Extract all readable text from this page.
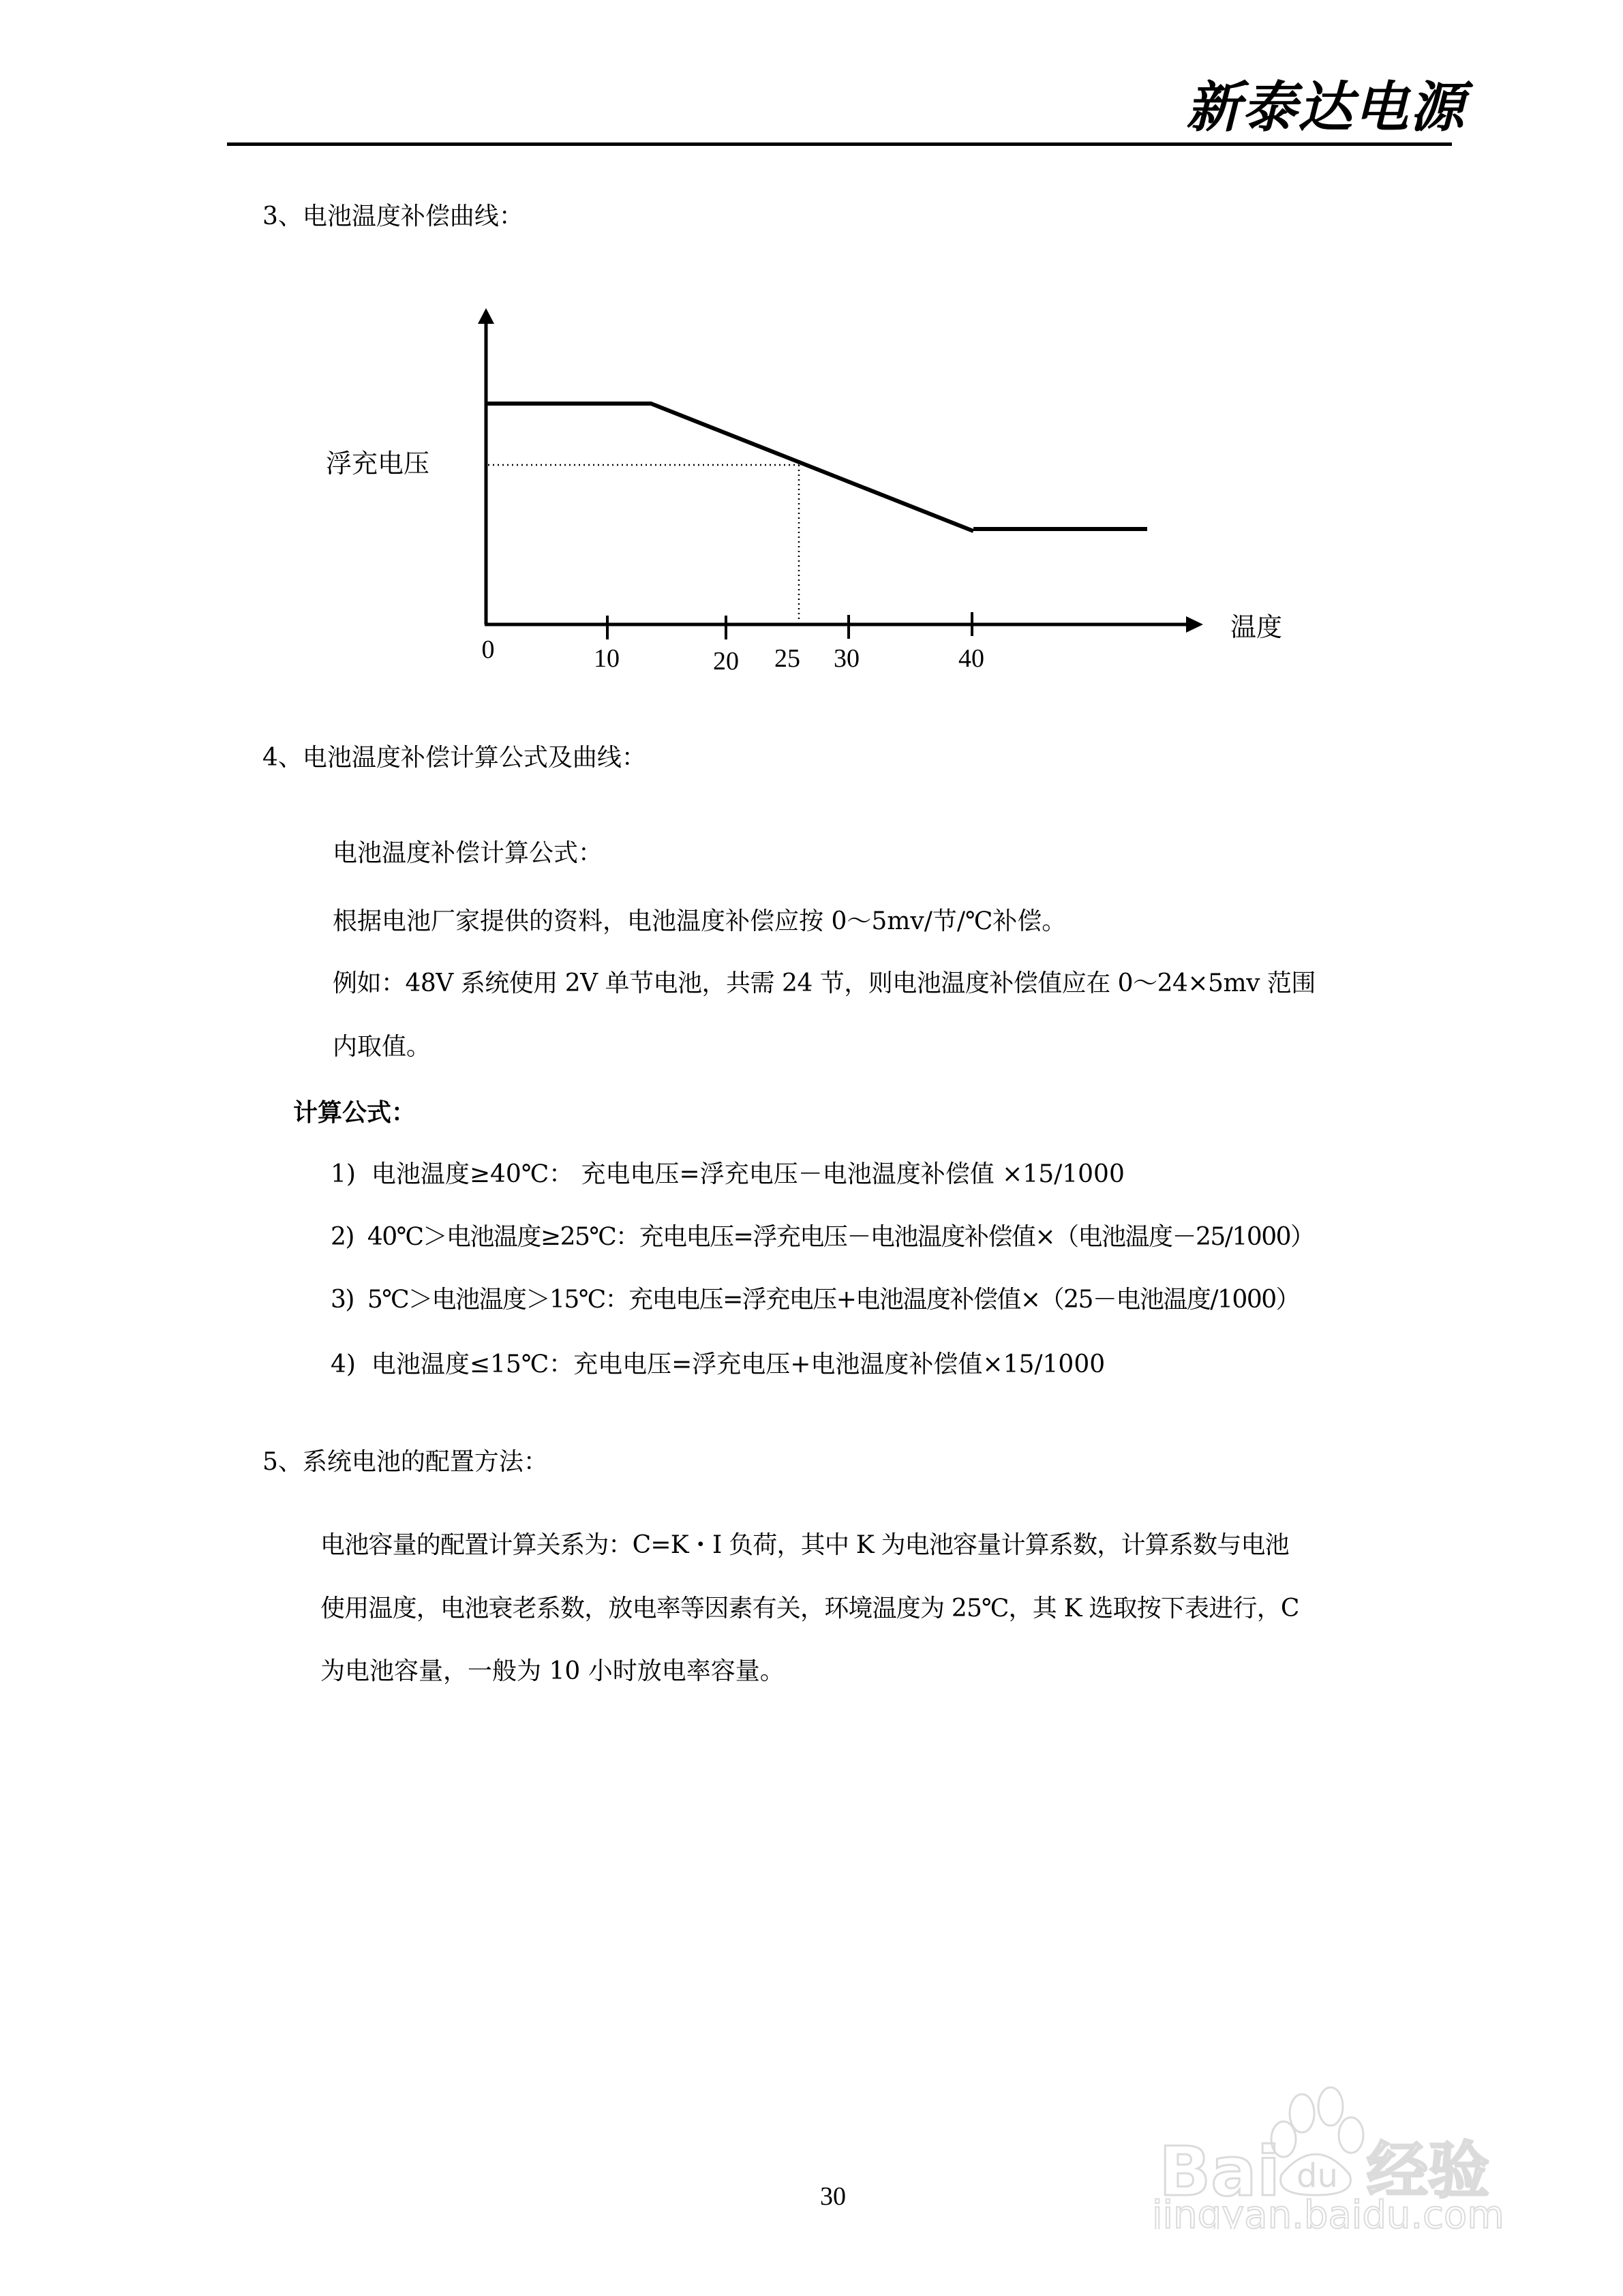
新泰达电源
3、电池温度补偿曲线：
浮充电压
温度
0	10	20 25 30	40
4、电池温度补偿计算公式及曲线：
电池温度补偿计算公式：
根据电池厂家提供的资料，电池温度补偿应按 0～5mv/节/℃补偿。
例如：48V 系统使用 2V 单节电池，共需 24 节，则电池温度补偿值应在 0～24×5mv 范围
内取值。
计算公式：
1) 电池温度≥40℃： 充电电压=浮充电压－电池温度补偿值 ×15/1000
2) 40℃＞电池温度≥25℃：充电电压=浮充电压－电池温度补偿值×（电池温度－25/1000）
3) 5℃＞电池温度＞15℃：充电电压=浮充电压+电池温度补偿值×（25－电池温度/1000）
4) 电池温度≤15℃：充电电压=浮充电压+电池温度补偿值×15/1000
5、系统电池的配置方法：
电池容量的配置计算关系为：C=K・I 负荷，其中 K 为电池容量计算系数，计算系数与电池
使用温度，电池衰老系数，放电率等因素有关，环境温度为 25℃，其 K 选取按下表进行，C
为电池容量，一般为 10 小时放电率容量。
Bai du 经验
jingyan.baidu.com
30
